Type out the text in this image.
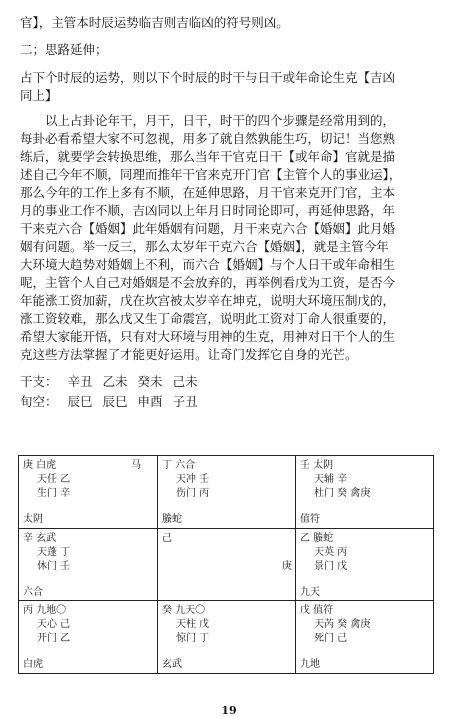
官】，主管本时辰运势临吉则吉临凶的符号则凶。
二；思路延伸；
占下个时辰的运势，则以下个时辰的时干与日干或年命论生克【吉凶
同上】
以上占卦论年干，月干，日干，时干的四个步骤是经常用到的，
每卦必看希望大家不可忽视，用多了就自然孰能生巧，切记！当您熟
练后，就要学会转换思维，那么当年干官克日干【或年命】官就是描
述自己今年不顺，同理而推年干官来克开门官【主管个人的事业运】，
那么今年的工作上多有不顺，在延伸思路，月干官来克开门官，主本
月的事业工作不顺，吉凶同以上年月日时同论即可，再延伸思路，年
干来克六合【婚姻】此年婚姻有问题，月干来克六合【婚姻】此月婚
姻有问题。举一反三，那么太岁年干克六合【婚姻】，就是主管今年
大环境大趋势对婚姻上不利，而六合【婚姻】与个人日干或年命相生
呢，主管个人自己对婚姻是不会放弃的，再举例看戊为工资，是否今
年能涨工资加薪，戊在坎宫被太岁辛在坤克，说明大环境压制戊的，
涨工资较难，那么戊又生丁命震宫，说明此工资对丁命人很重要的，
希望大家能开悟，只有对大环境与用神的生克，用神对日干个人的生
克这些方法掌握了才能更好运用。让奇门发挥它自身的光芒。
干支： 辛丑 乙未 癸未 己未
旬空： 辰巳 辰巳 申酉 子丑
庚 白虎	马
天任 乙
生门 辛
太阴
丁 六合
天冲 壬
伤门 丙
螣蛇
壬 太阴
天辅 辛
杜门 癸 禽庚
值符
辛 玄武
天蓬 丁
休门 壬
六合
己
庚
乙 螣蛇
天英 丙
景门 戊
九天
丙 九地〇
天心 己
开门 乙
白虎
癸 九天〇
天柱 戊
惊门 丁
玄武
戊 值符
天芮 癸 禽庚
死门 己
九地
19
